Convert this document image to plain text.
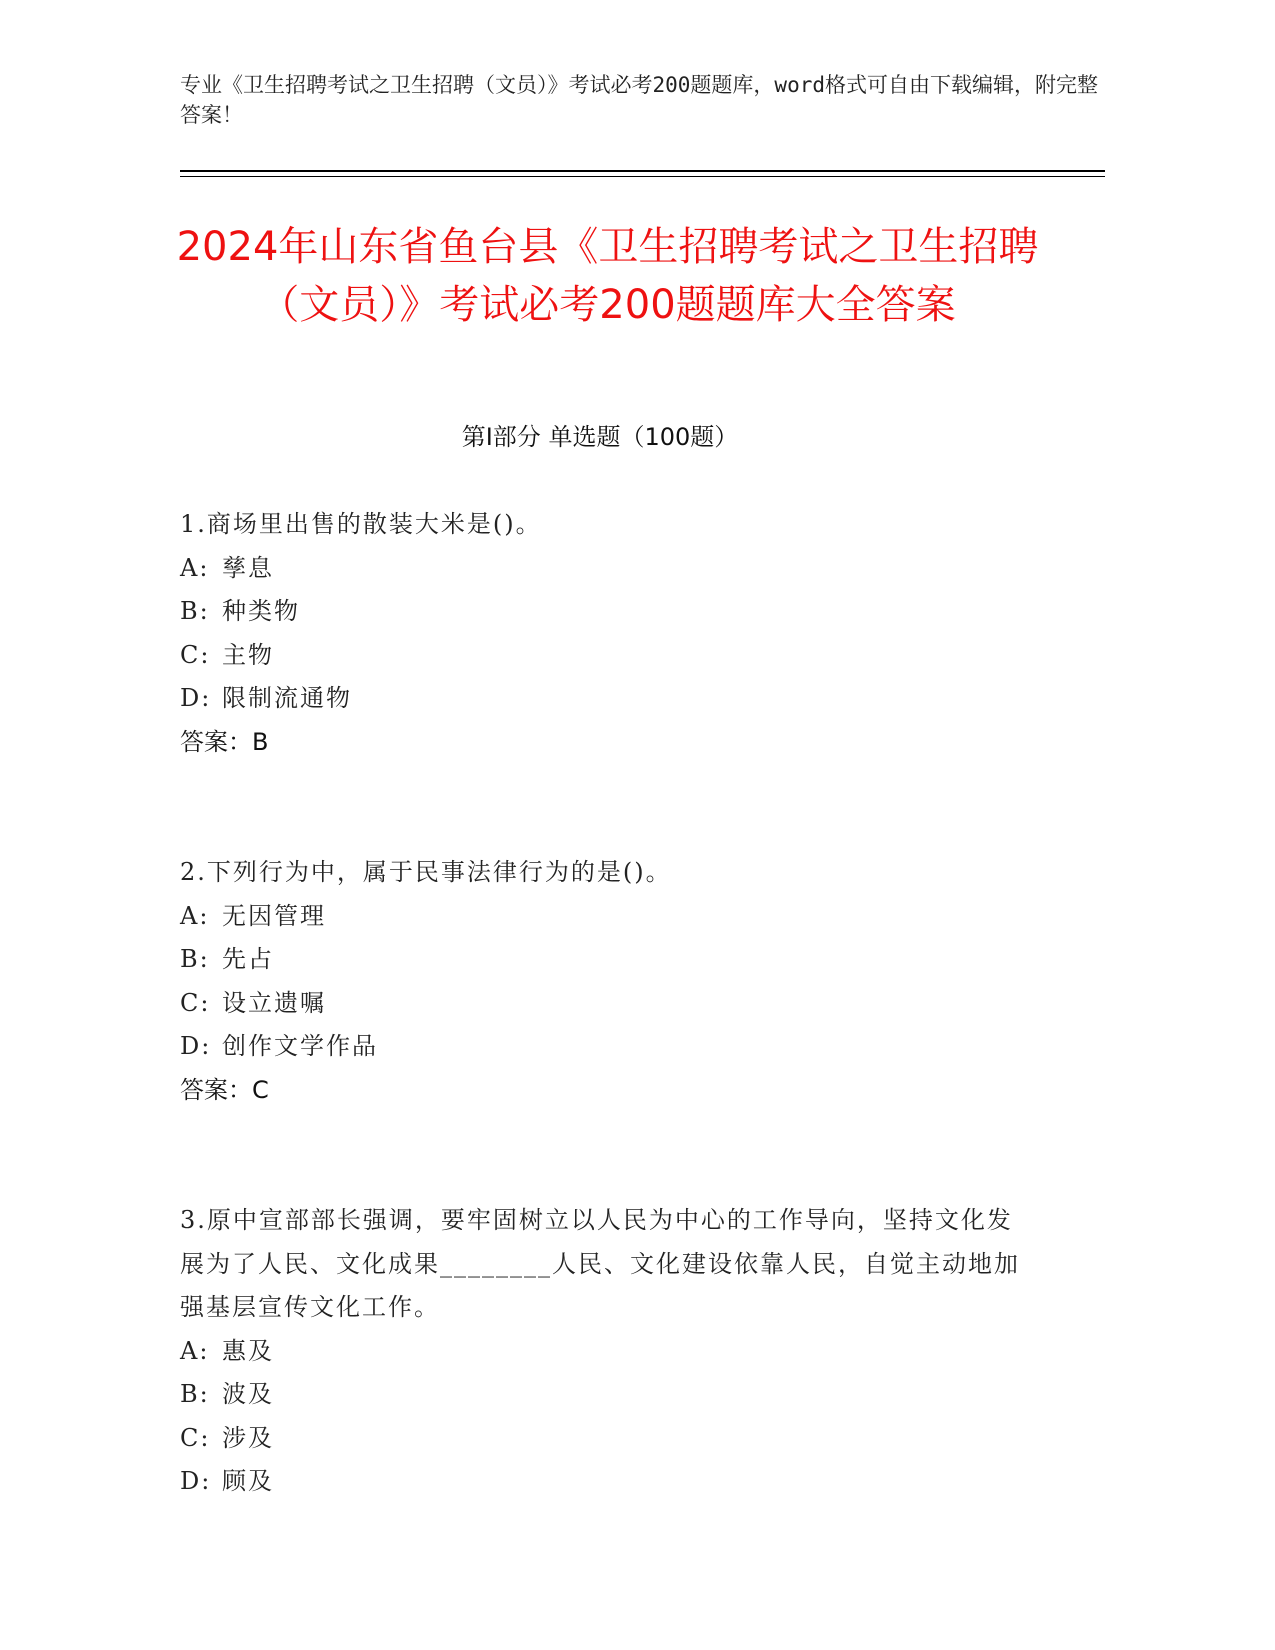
专业《卫生招聘考试之卫生招聘（文员）》考试必考200题题库，word格式可自由下载编辑，附完整答案！
2024年山东省鱼台县《卫生招聘考试之卫生招聘（文员）》考试必考200题题库大全答案
第Ⅰ部分 单选题（100题）
1.商场里出售的散装大米是()。
A: 孳息
B: 种类物
C: 主物
D: 限制流通物
答案：B
2.下列行为中，属于民事法律行为的是()。
A: 无因管理
B: 先占
C: 设立遗嘱
D: 创作文学作品
答案：C
3.原中宣部部长强调，要牢固树立以人民为中心的工作导向，坚持文化发展为了人民、文化成果________人民、文化建设依靠人民，自觉主动地加强基层宣传文化工作。
A: 惠及
B: 波及
C: 涉及
D: 顾及
